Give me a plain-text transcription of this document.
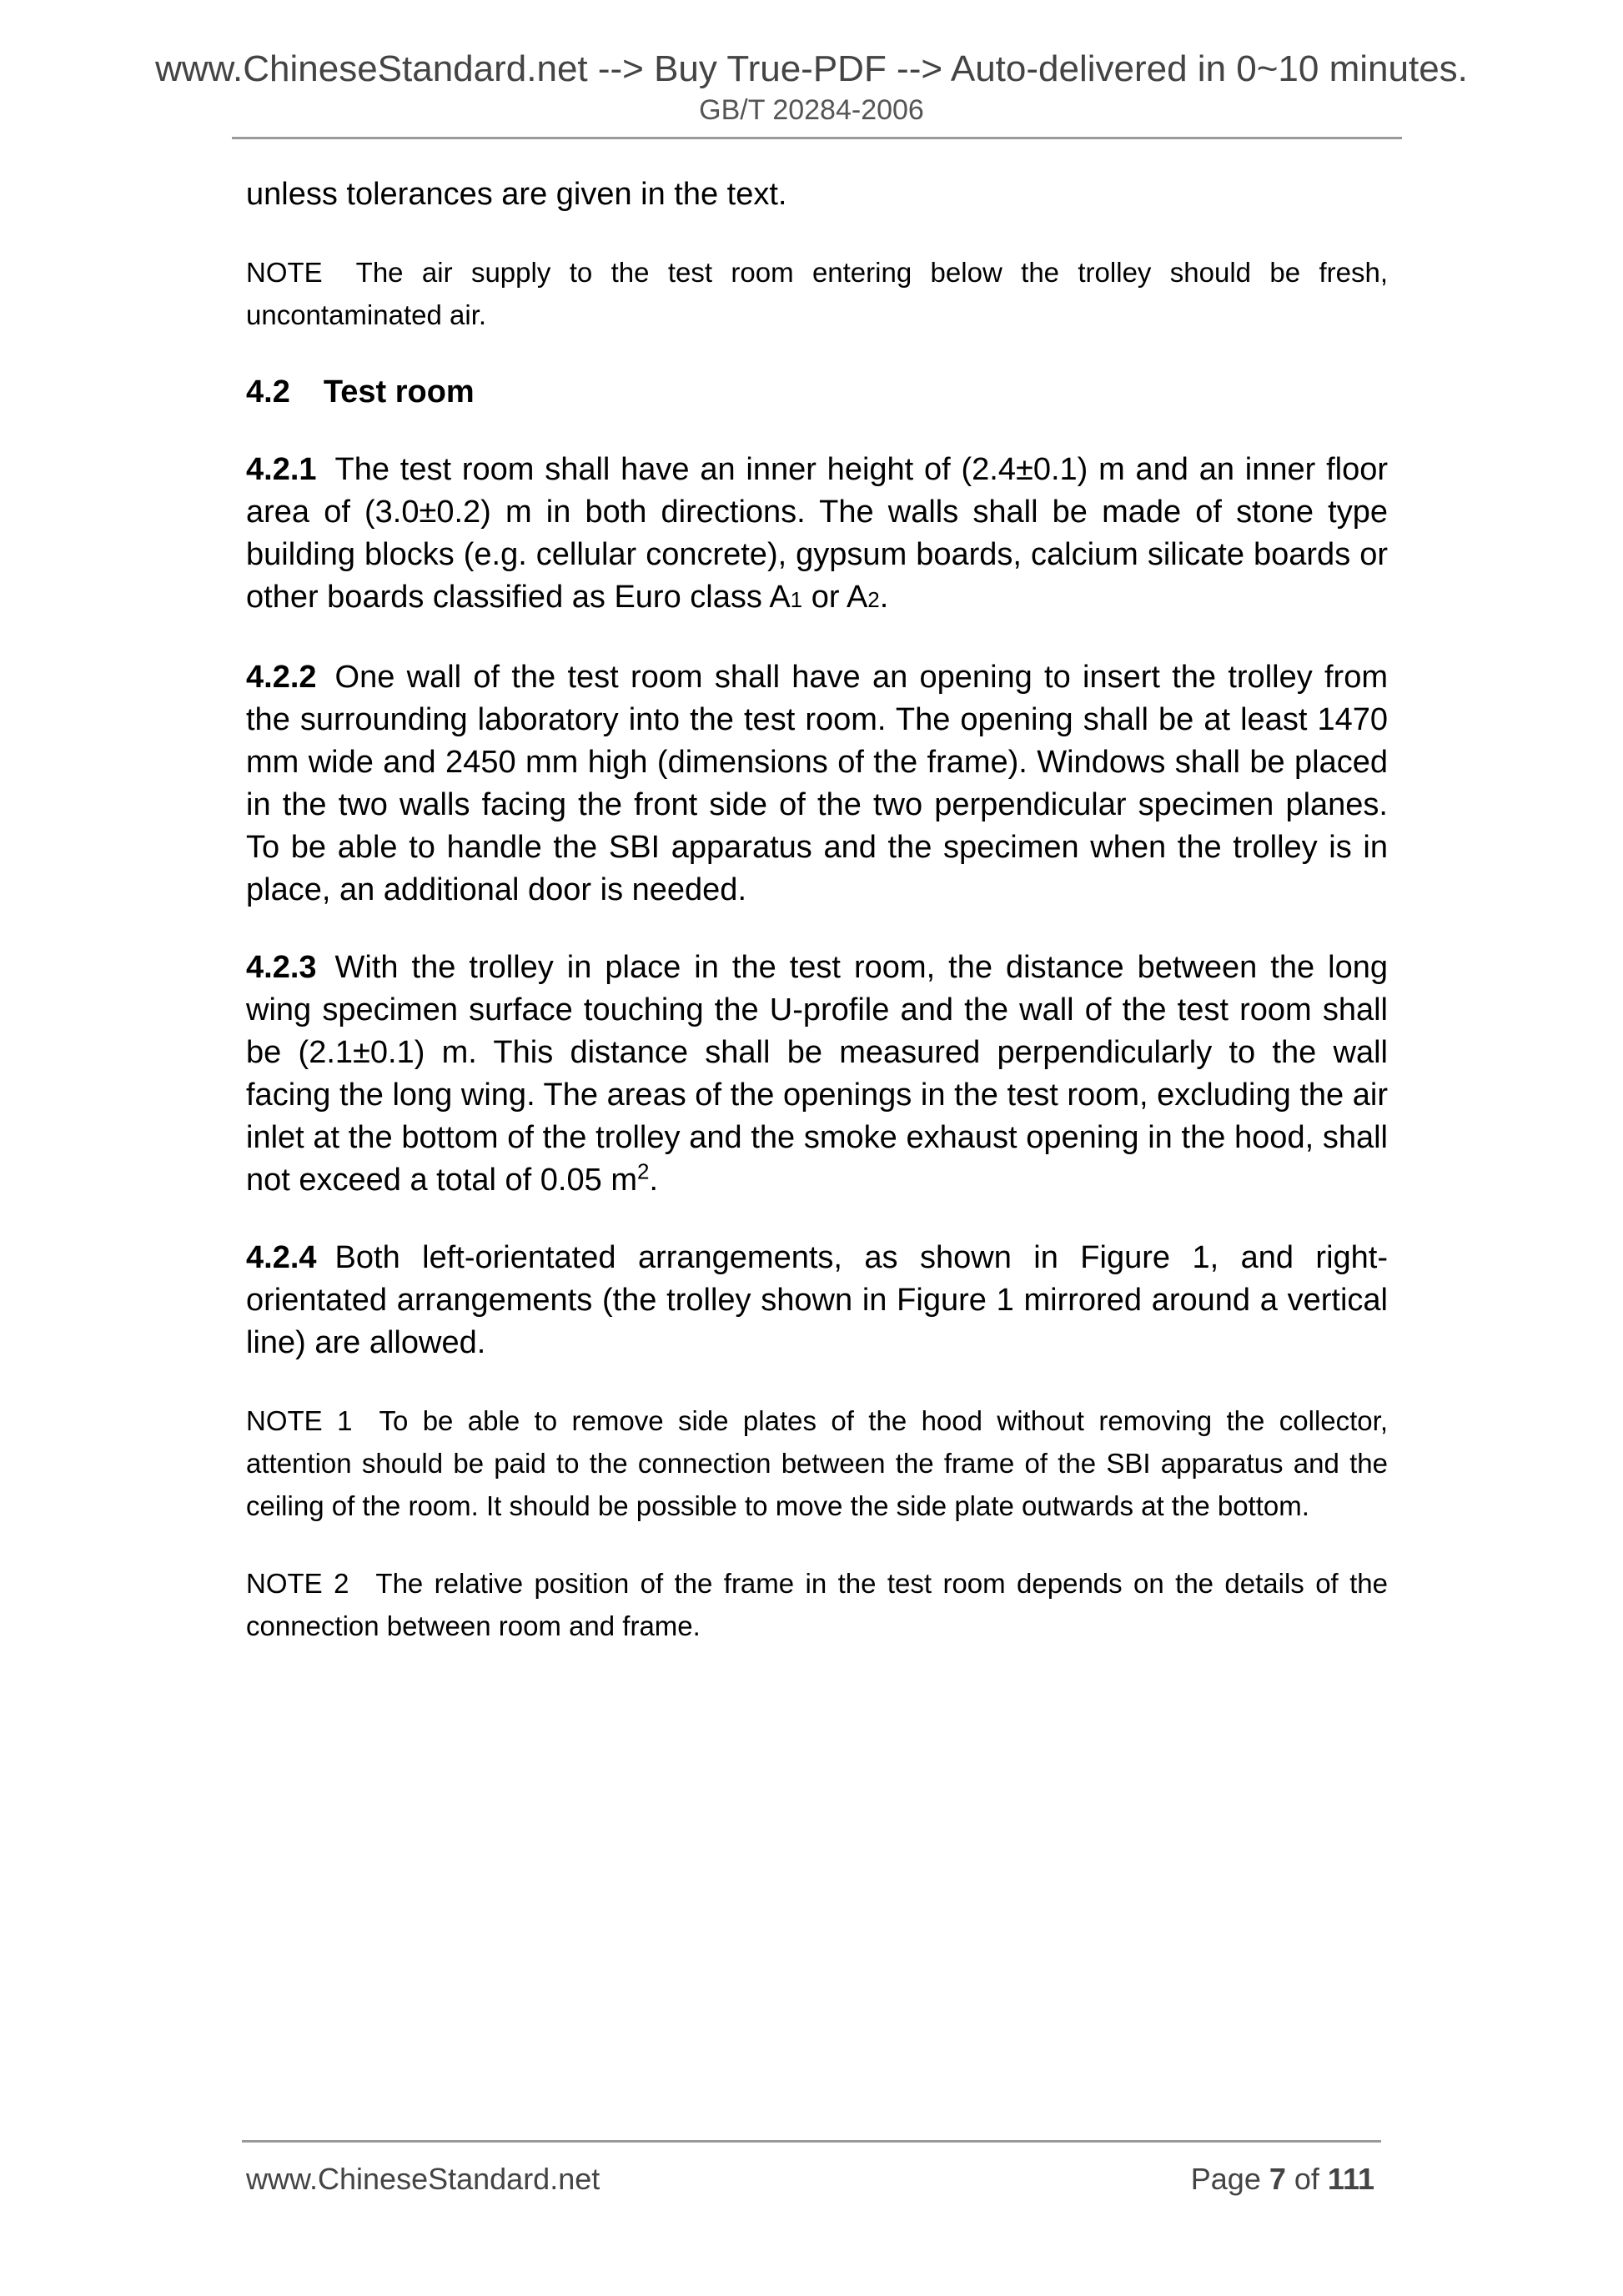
www.ChineseStandard.net --> Buy True-PDF --> Auto-delivered in 0~10 minutes.
GB/T 20284-2006
unless tolerances are given in the text.
NOTE The air supply to the test room entering below the trolley should be fresh, uncontaminated air.
4.2 Test room
4.2.1 The test room shall have an inner height of (2.4±0.1) m and an inner floor area of (3.0±0.2) m in both directions. The walls shall be made of stone type building blocks (e.g. cellular concrete), gypsum boards, calcium silicate boards or other boards classified as Euro class A1 or A2.
4.2.2 One wall of the test room shall have an opening to insert the trolley from the surrounding laboratory into the test room. The opening shall be at least 1470 mm wide and 2450 mm high (dimensions of the frame). Windows shall be placed in the two walls facing the front side of the two perpendicular specimen planes. To be able to handle the SBI apparatus and the specimen when the trolley is in place, an additional door is needed.
4.2.3 With the trolley in place in the test room, the distance between the long wing specimen surface touching the U-profile and the wall of the test room shall be (2.1±0.1) m. This distance shall be measured perpendicularly to the wall facing the long wing. The areas of the openings in the test room, excluding the air inlet at the bottom of the trolley and the smoke exhaust opening in the hood, shall not exceed a total of 0.05 $m^2$.
4.2.4 Both left-orientated arrangements, as shown in Figure 1, and right-orientated arrangements (the trolley shown in Figure 1 mirrored around a vertical line) are allowed.
NOTE 1 To be able to remove side plates of the hood without removing the collector, attention should be paid to the connection between the frame of the SBI apparatus and the ceiling of the room. It should be possible to move the side plate outwards at the bottom.
NOTE 2 The relative position of the frame in the test room depends on the details of the connection between room and frame.
www.ChineseStandard.net	Page 7 of 111
